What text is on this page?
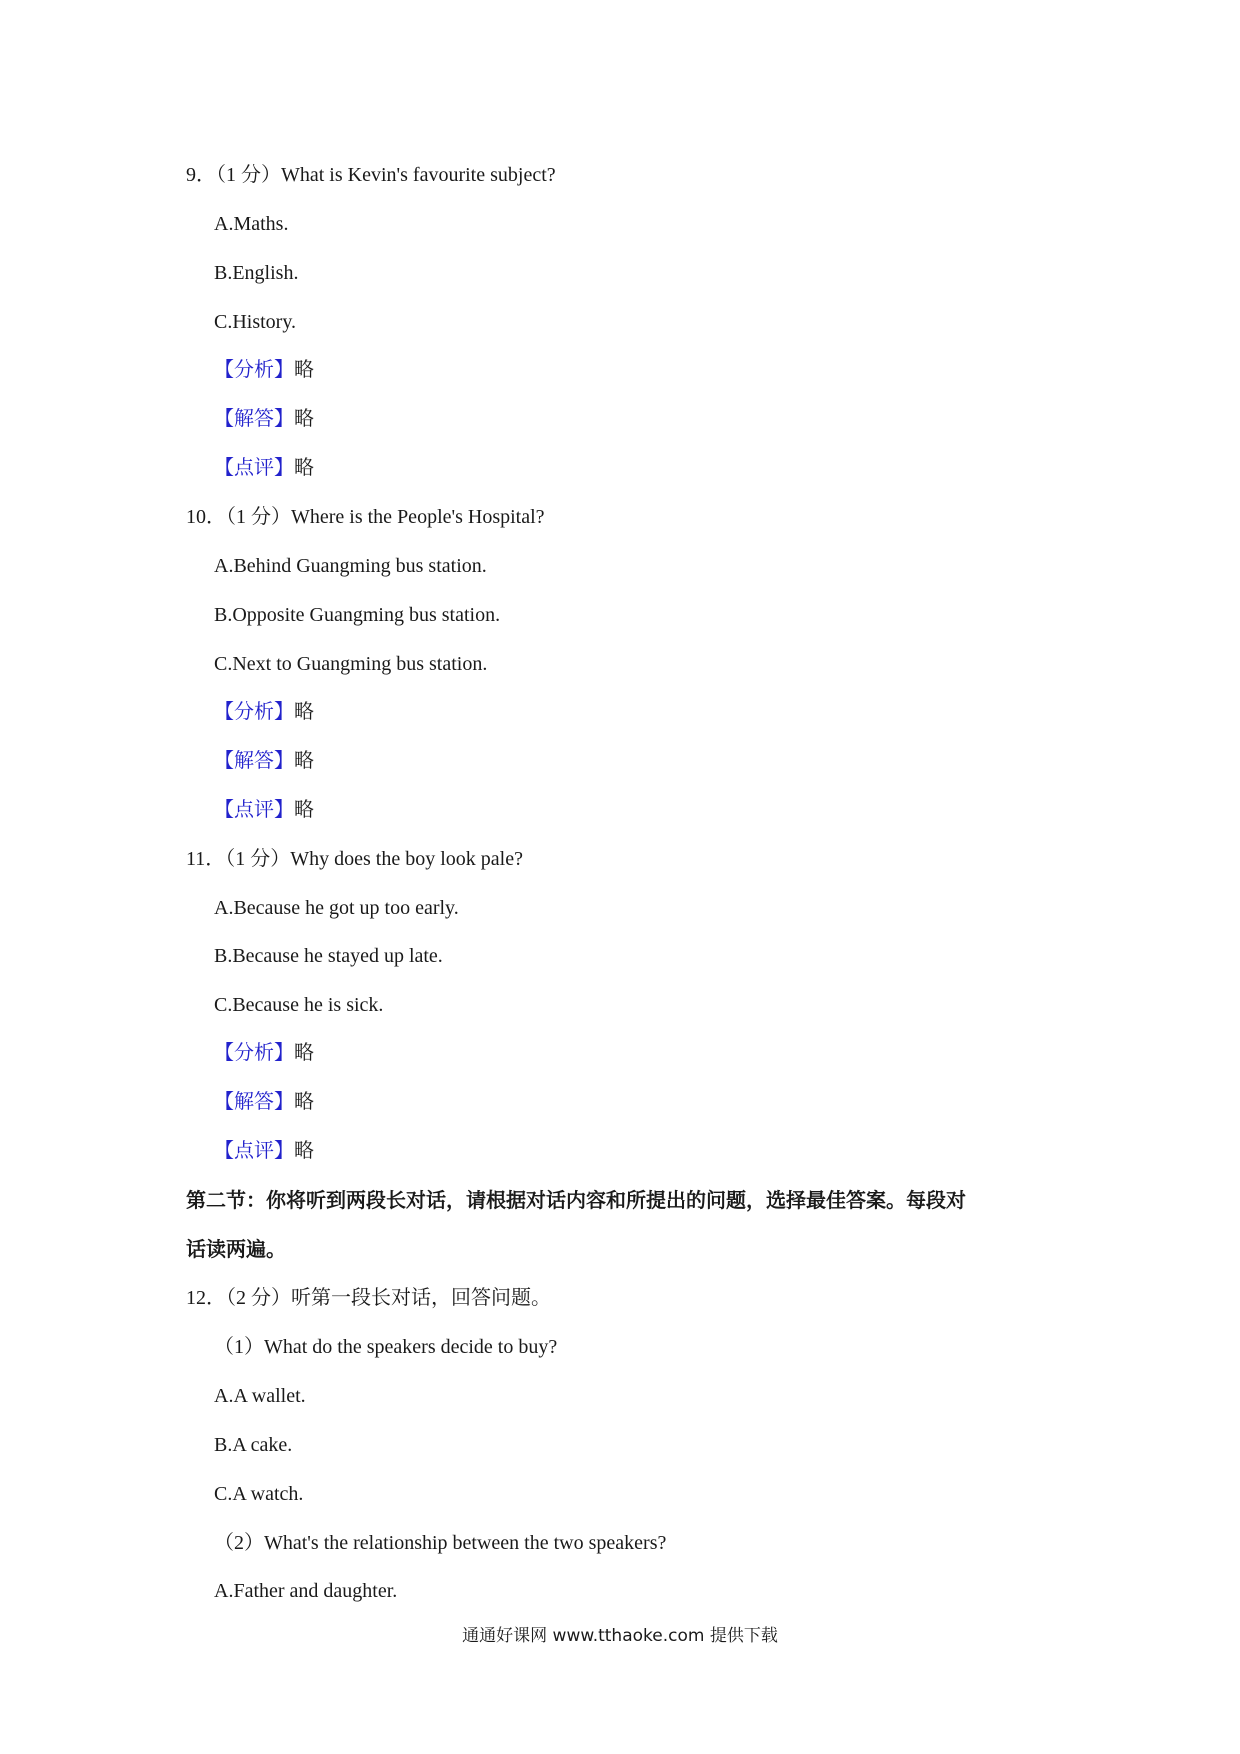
9．（1 分）What is Kevin's favourite subject?
A.Maths.
B.English.
C.History.
【分析】略
【解答】略
【点评】略
10．（1 分）Where is the People's Hospital?
A.Behind Guangming bus station.
B.Opposite Guangming bus station.
C.Next to Guangming bus station.
【分析】略
【解答】略
【点评】略
11．（1 分）Why does the boy look pale?
A.Because he got up too early.
B.Because he stayed up late.
C.Because he is sick.
【分析】略
【解答】略
【点评】略
第二节：你将听到两段长对话，请根据对话内容和所提出的问题，选择最佳答案。每段对
话读两遍。
12．（2 分）听第一段长对话，回答问题。
（1）What do the speakers decide to buy?
A.A wallet.
B.A cake.
C.A watch.
（2）What's the relationship between the two speakers?
A.Father and daughter.
通通好课网 www.tthaoke.com 提供下载
